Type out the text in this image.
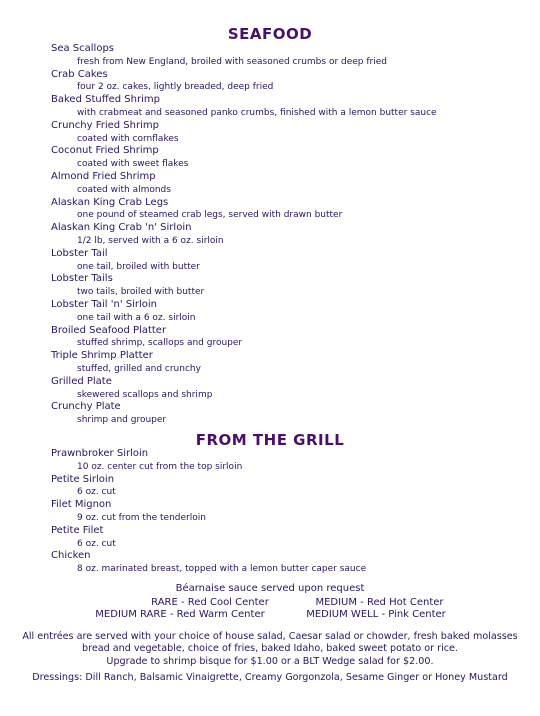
SEAFOOD
Sea Scallops
fresh from New England, broiled with seasoned crumbs or deep fried
Crab Cakes
four 2 oz. cakes, lightly breaded, deep fried
Baked Stuffed Shrimp
with crabmeat and seasoned panko crumbs, finished with a lemon butter sauce
Crunchy Fried Shrimp
coated with cornflakes
Coconut Fried Shrimp
coated with sweet flakes
Almond Fried Shrimp
coated with almonds
Alaskan King Crab Legs
one pound of steamed crab legs, served with drawn butter
Alaskan King Crab 'n' Sirloin
1/2 lb, served with a 6 oz. sirloin
Lobster Tail
one tail, broiled with butter
Lobster Tails
two tails, broiled with butter
Lobster Tail 'n' Sirloin
one tail with a 6 oz. sirloin
Broiled Seafood Platter
stuffed shrimp, scallops and grouper
Triple Shrimp Platter
stuffed, grilled and crunchy
Grilled Plate
skewered scallops and shrimp
Crunchy Plate
shrimp and grouper
FROM THE GRILL
Prawnbroker Sirloin
10 oz. center cut from the top sirloin
Petite Sirloin
6 oz. cut
Filet Mignon
9 oz. cut from the tenderloin
Petite Filet
6 oz. cut
Chicken
8 oz. marinated breast, topped with a lemon butter caper sauce
Béarnaise sauce served upon request
RARE - Red Cool Center	MEDIUM - Red Hot Center
MEDIUM RARE - Red Warm Center	MEDIUM WELL - Pink Center
All entrées are served with your choice of house salad, Caesar salad or chowder, fresh baked molasses
bread and vegetable, choice of fries, baked Idaho, baked sweet potato or rice.
Upgrade to shrimp bisque for $1.00 or a BLT Wedge salad for $2.00.
Dressings: Dill Ranch, Balsamic Vinaigrette, Creamy Gorgonzola, Sesame Ginger or Honey Mustard
